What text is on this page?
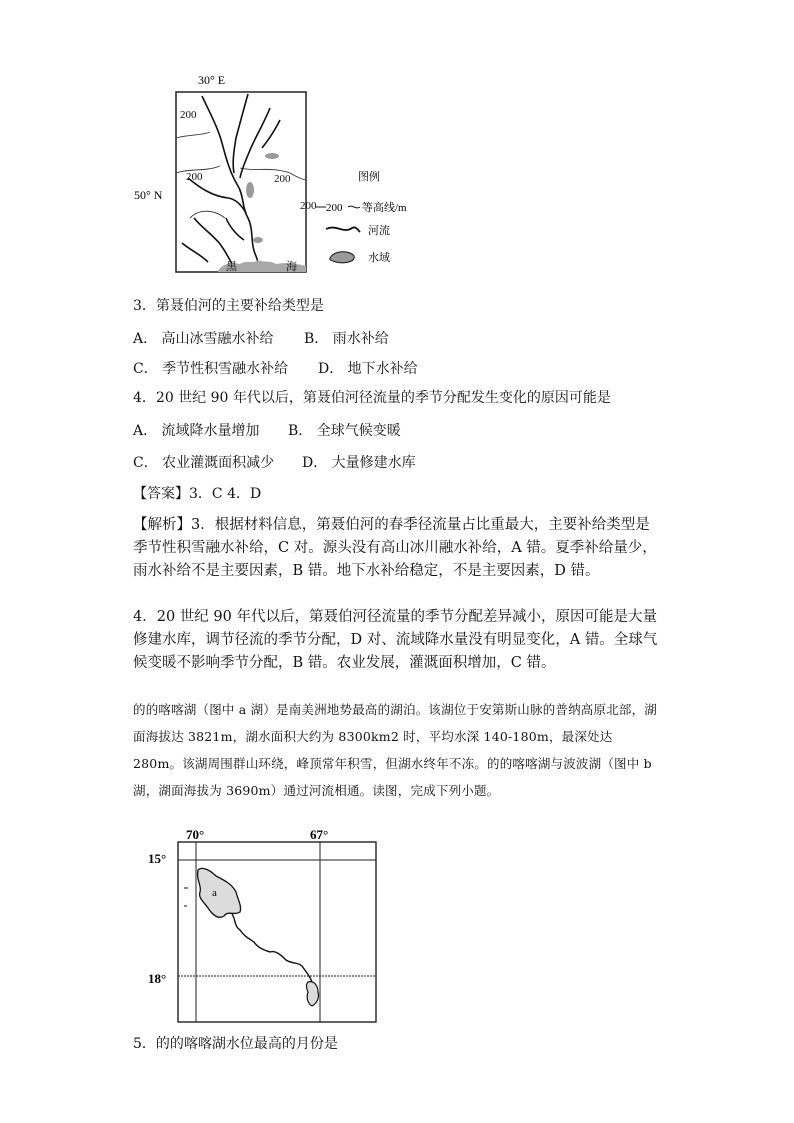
30° E
50° N
200
200	200
200
黑	海
图例
200 等高线/m
河流
水域
3．第聂伯河的主要补给类型是
A． 高山冰雪融水补给 B． 雨水补给
C． 季节性积雪融水补给 D． 地下水补给
4．20 世纪 90 年代以后，第聂伯河径流量的季节分配发生变化的原因可能是
A． 流域降水量增加 B． 全球气候变暖
C． 农业灌溉面积减少 D． 大量修建水库
【答案】3．C 4．D
【解析】3．根据材料信息，第聂伯河的春季径流量占比重最大，主要补给类型是季节性积雪融水补给，C 对。源头没有高山冰川融水补给，A 错。夏季补给量少，雨水补给不是主要因素，B 错。地下水补给稳定，不是主要因素，D 错。
4．20 世纪 90 年代以后，第聂伯河径流量的季节分配差异减小，原因可能是大量修建水库，调节径流的季节分配，D 对、流域降水量没有明显变化，A 错。全球气候变暖不影响季节分配，B 错。农业发展，灌溉面积增加，C 错。
的的喀喀湖（图中 a 湖）是南美洲地势最高的湖泊。该湖位于安第斯山脉的普纳高原北部，湖面海拔达 3821m，湖水面积大约为 8300km2 时，平均水深 140-180m，最深处达 280m。该湖周围群山环绕，峰顶常年积雪，但湖水终年不冻。的的喀喀湖与波波湖（图中 b 湖，湖面海拔为 3690m）通过河流相通。读图，完成下列小题。
70°	67°
15°
18°
a
5．的的喀喀湖水位最高的月份是
